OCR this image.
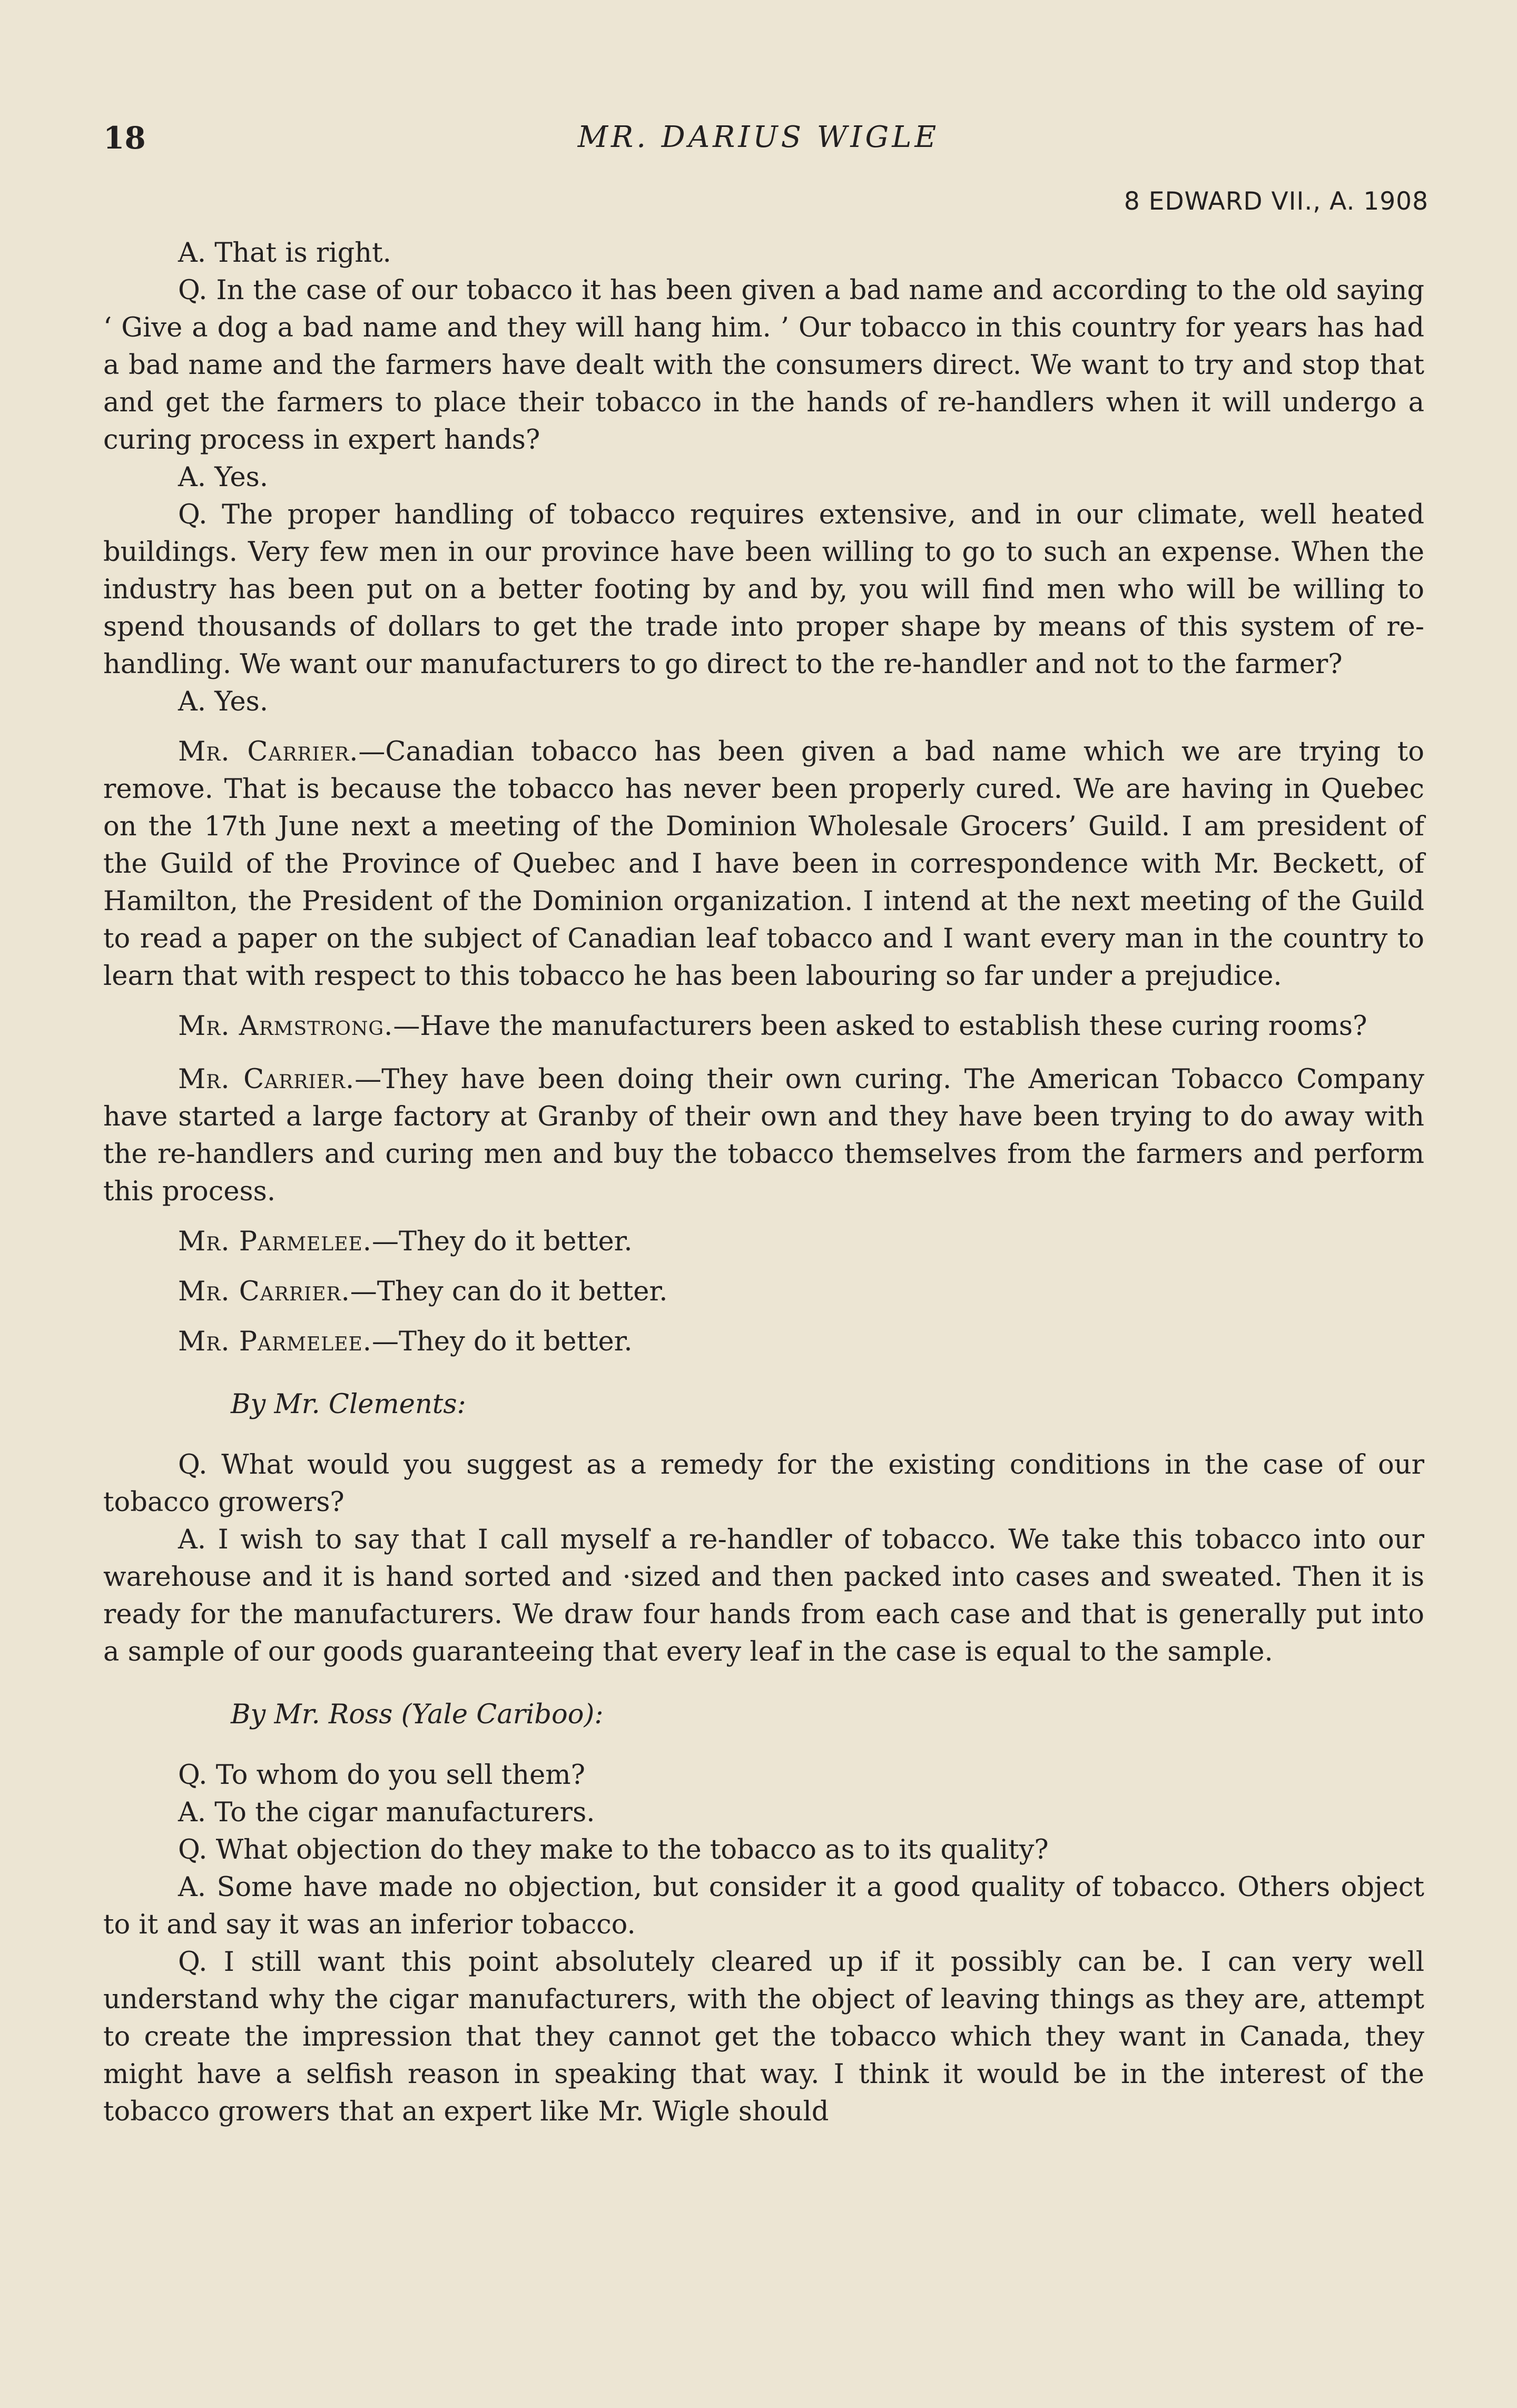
18	MR. DARIUS WIGLE
8 EDWARD VII., A. 1908

A. That is right.

Q. In the case of our tobacco it has been given a bad name and according to the old saying ‘ Give a dog a bad name and they will hang him. ’ Our tobacco in this country for years has had a bad name and the farmers have dealt with the consumers direct. We want to try and stop that and get the farmers to place their tobacco in the hands of re-handlers when it will undergo a curing process in expert hands?

A. Yes.

Q. The proper handling of tobacco requires extensive, and in our climate, well heated buildings. Very few men in our province have been willing to go to such an expense. When the industry has been put on a better footing by and by, you will find men who will be willing to spend thousands of dollars to get the trade into proper shape by means of this system of re-handling. We want our manufacturers to go direct to the re-handler and not to the farmer?

A. Yes.

Mr. Carrier.—Canadian tobacco has been given a bad name which we are trying to remove. That is because the tobacco has never been properly cured. We are having in Quebec on the 17th June next a meeting of the Dominion Wholesale Grocers’ Guild. I am president of the Guild of the Province of Quebec and I have been in correspondence with Mr. Beckett, of Hamilton, the President of the Dominion organization. I intend at the next meeting of the Guild to read a paper on the subject of Canadian leaf tobacco and I want every man in the country to learn that with respect to this tobacco he has been labouring so far under a prejudice.

Mr. Armstrong.—Have the manufacturers been asked to establish these curing rooms?

Mr. Carrier.—They have been doing their own curing. The American Tobacco Company have started a large factory at Granby of their own and they have been trying to do away with the re-handlers and curing men and buy the tobacco themselves from the farmers and perform this process.

Mr. Parmelee.—They do it better.

Mr. Carrier.—They can do it better.

Mr. Parmelee.—They do it better.

By Mr. Clements:

Q. What would you suggest as a remedy for the existing conditions in the case of our tobacco growers?

A. I wish to say that I call myself a re-handler of tobacco. We take this tobacco into our warehouse and it is hand sorted and ·sized and then packed into cases and sweated. Then it is ready for the manufacturers. We draw four hands from each case and that is generally put into a sample of our goods guaranteeing that every leaf in the case is equal to the sample.

By Mr. Ross (Yale Cariboo):

Q. To whom do you sell them?

A. To the cigar manufacturers.

Q. What objection do they make to the tobacco as to its quality?

A. Some have made no objection, but consider it a good quality of tobacco. Others object to it and say it was an inferior tobacco.

Q. I still want this point absolutely cleared up if it possibly can be. I can very well understand why the cigar manufacturers, with the object of leaving things as they are, attempt to create the impression that they cannot get the tobacco which they want in Canada, they might have a selfish reason in speaking that way. I think it would be in the interest of the tobacco growers that an expert like Mr. Wigle should
